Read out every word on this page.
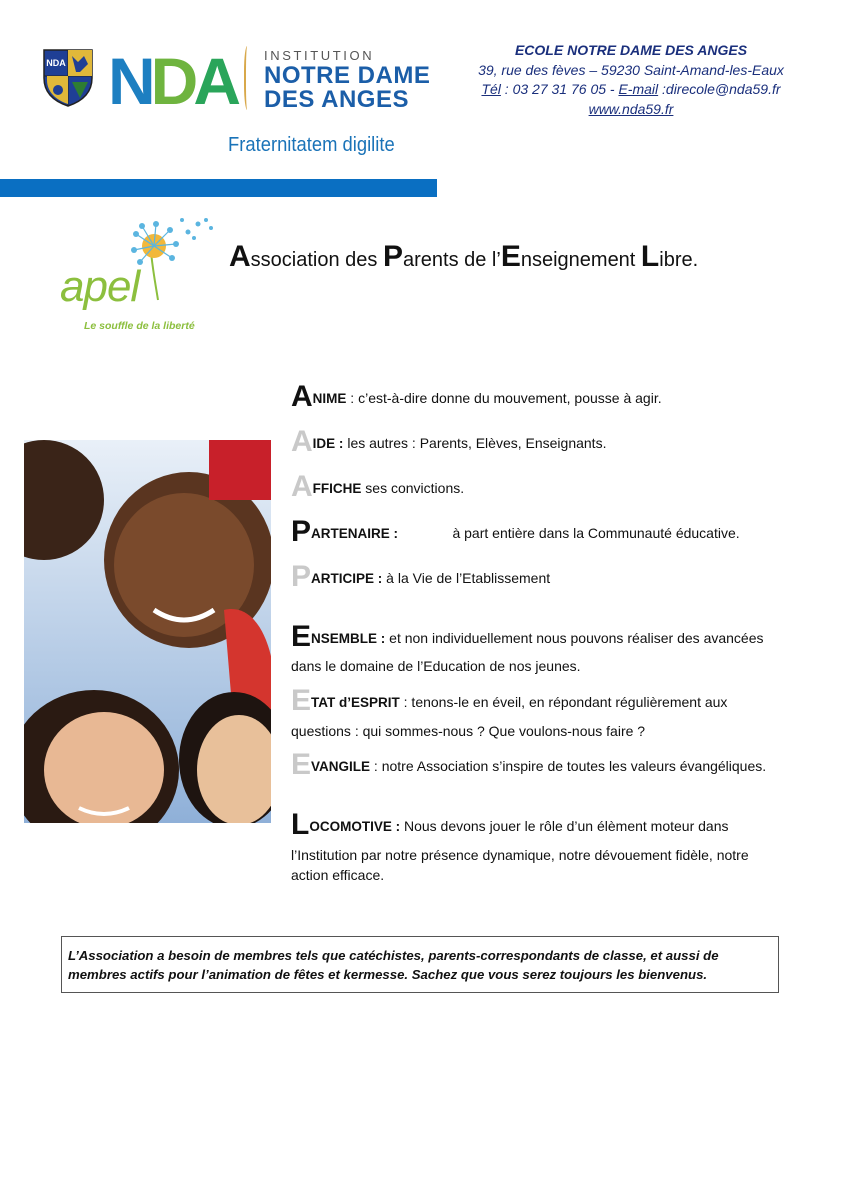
NDA NDA INSTITUTION
NOTRE DAME
DES ANGES
Fraternitatem digilite
ECOLE NOTRE DAME DES ANGES
39, rue des fèves – 59230 Saint-Amand-les-Eaux
Tél : 03 27 31 76 05 - E-mail :direcole@nda59.fr
www.nda59.fr
apel
Le souffle de la liberté
Association des Parents de l’Enseignement Libre.
ANIME : c’est-à-dire donne du mouvement, pousse à agir.
AIDE : les autres : Parents, Elèves, Enseignants.
AFFICHE ses convictions.
PARTENAIRE :              à part entière dans la Communauté éducative.
PARTICIPE : à la Vie de l’Etablissement
ENSEMBLE : et non individuellement nous pouvons réaliser des avancées
dans le domaine de l’Education de nos jeunes.
ETAT d’ESPRIT : tenons-le en éveil, en répondant régulièrement aux
questions : qui sommes-nous ? Que voulons-nous faire ?
EVANGILE : notre Association s’inspire de toutes les valeurs évangéliques.
LOCOMOTIVE : Nous devons jouer le rôle d’un élèment moteur dans
l’Institution par notre présence dynamique, notre dévouement fidèle, notre
action efficace.
L’Association a besoin de membres tels que catéchistes, parents-correspondants de classe, et aussi de
membres actifs pour l’animation de fêtes et kermesse. Sachez que vous serez toujours les bienvenus.
